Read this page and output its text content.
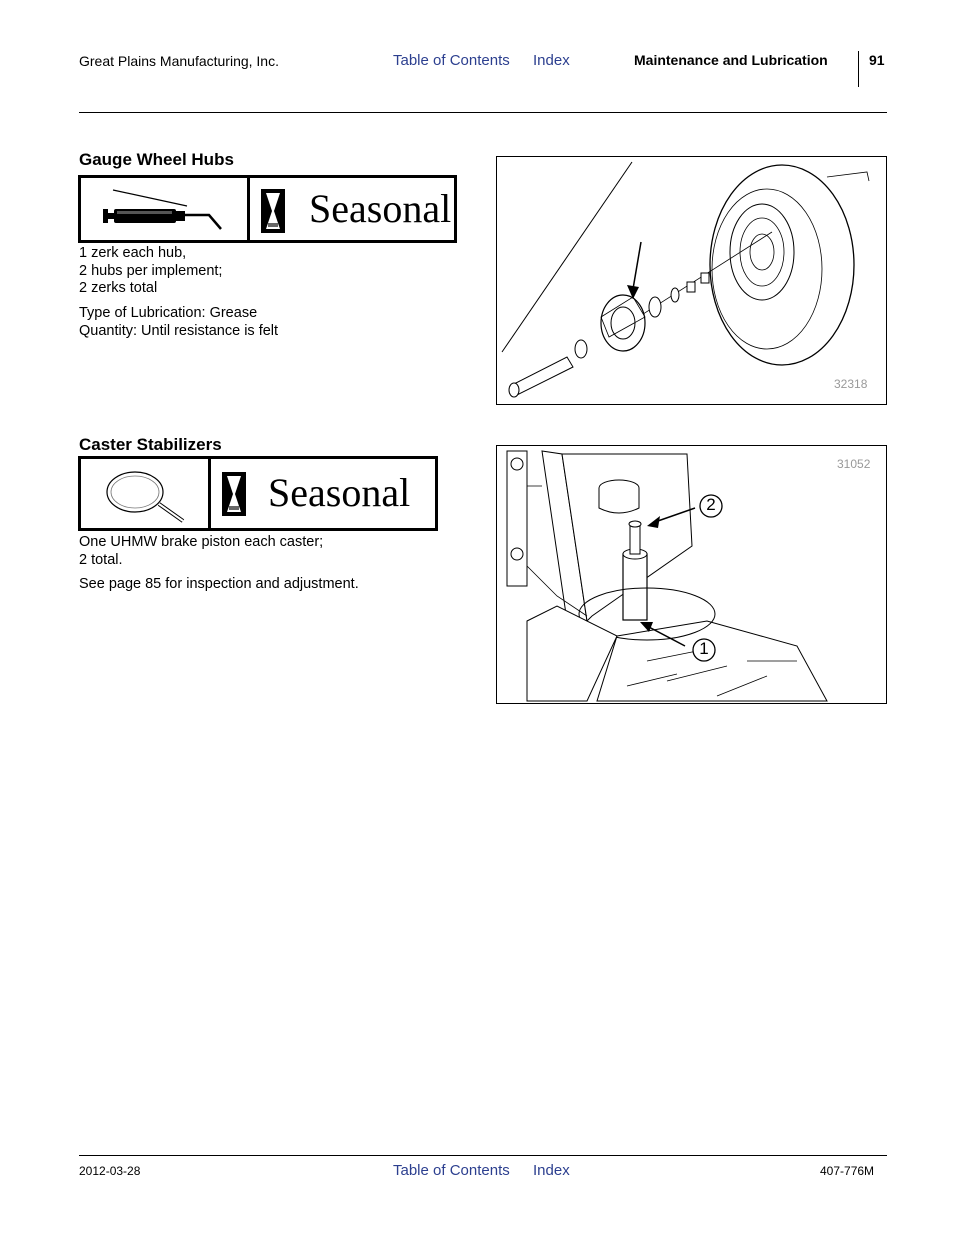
Great Plains Manufacturing, Inc.	Table of Contents Index	Maintenance and Lubrication	91
Gauge Wheel Hubs
Seasonal
1 zerk each hub,
2 hubs per implement;
2 zerks total
Type of Lubrication: Grease
Quantity: Until resistance is felt
32318
Caster Stabilizers
Seasonal
One UHMW brake piston each caster;
2 total.
See page 85 for inspection and adjustment.
2
1
31052
2012-03-28	Table of Contents Index	407-776M
